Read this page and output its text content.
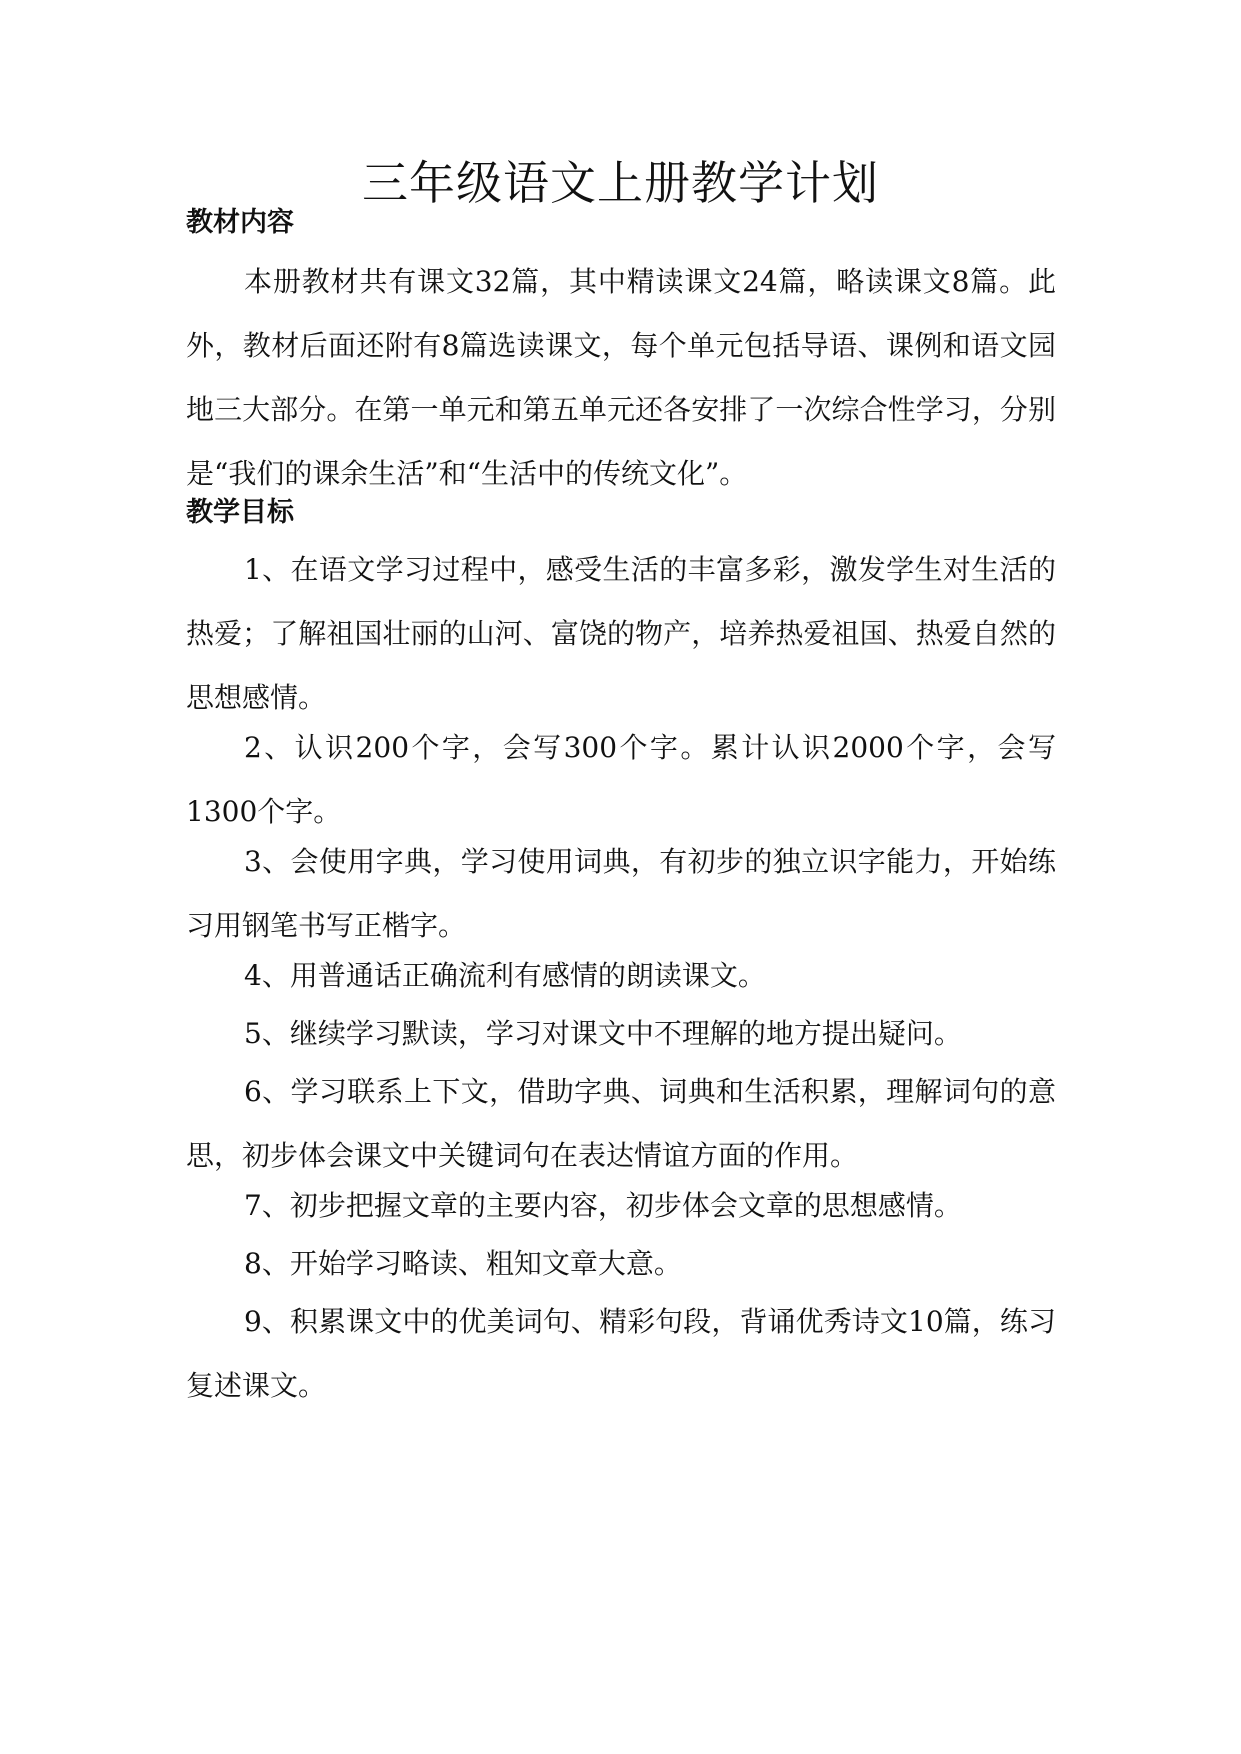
三年级语文上册教学计划
教材内容

本册教材共有课文32篇，其中精读课文24篇，略读课文8篇。此外，教材后面还附有8篇选读课文，每个单元包括导语、课例和语文园地三大部分。在第一单元和第五单元还各安排了一次综合性学习，分别是“我们的课余生活”和“生活中的传统文化”。

教学目标

1、在语文学习过程中，感受生活的丰富多彩，激发学生对生活的热爱；了解祖国壮丽的山河、富饶的物产，培养热爱祖国、热爱自然的思想感情。

2、认识200个字，会写300个字。累计认识2000个字，会写1300个字。

3、会使用字典，学习使用词典，有初步的独立识字能力，开始练习用钢笔书写正楷字。

4、用普通话正确流利有感情的朗读课文。

5、继续学习默读，学习对课文中不理解的地方提出疑问。

6、学习联系上下文，借助字典、词典和生活积累，理解词句的意思，初步体会课文中关键词句在表达情谊方面的作用。

7、初步把握文章的主要内容，初步体会文章的思想感情。

8、开始学习略读、粗知文章大意。

9、积累课文中的优美词句、精彩句段，背诵优秀诗文10篇，练习复述课文。
